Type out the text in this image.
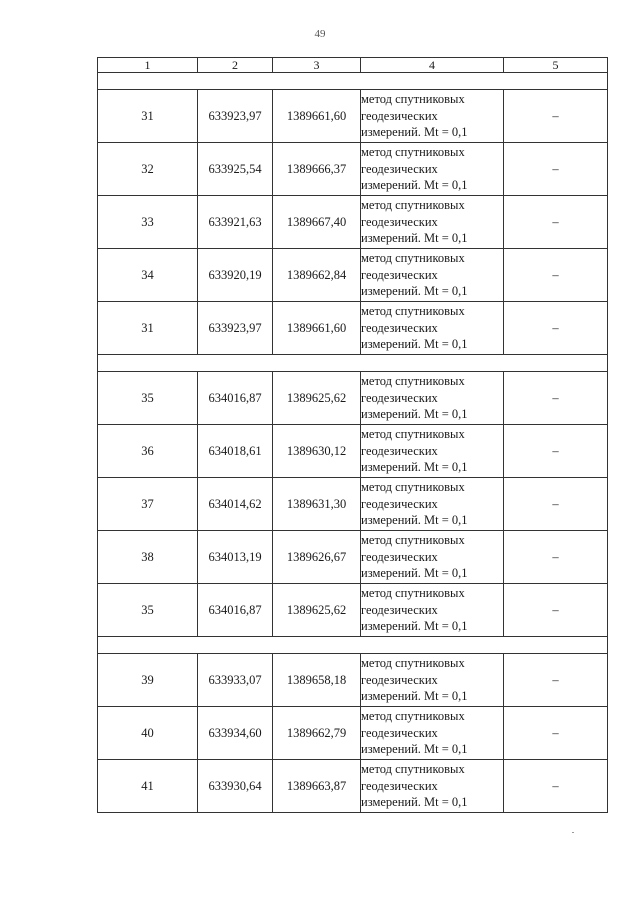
49
1	2	3	4	5

31	633923,97	1389661,60	метод спутниковых
геодезических
измерений. Mt = 0,1	–
32	633925,54	1389666,37	метод спутниковых
геодезических
измерений. Mt = 0,1	–
33	633921,63	1389667,40	метод спутниковых
геодезических
измерений. Mt = 0,1	–
34	633920,19	1389662,84	метод спутниковых
геодезических
измерений. Mt = 0,1	–
31	633923,97	1389661,60	метод спутниковых
геодезических
измерений. Mt = 0,1	–

35	634016,87	1389625,62	метод спутниковых
геодезических
измерений. Mt = 0,1	–
36	634018,61	1389630,12	метод спутниковых
геодезических
измерений. Mt = 0,1	–
37	634014,62	1389631,30	метод спутниковых
геодезических
измерений. Mt = 0,1	–
38	634013,19	1389626,67	метод спутниковых
геодезических
измерений. Mt = 0,1	–
35	634016,87	1389625,62	метод спутниковых
геодезических
измерений. Mt = 0,1	–

39	633933,07	1389658,18	метод спутниковых
геодезических
измерений. Mt = 0,1	–
40	633934,60	1389662,79	метод спутниковых
геодезических
измерений. Mt = 0,1	–
41	633930,64	1389663,87	метод спутниковых
геодезических
измерений. Mt = 0,1	–
